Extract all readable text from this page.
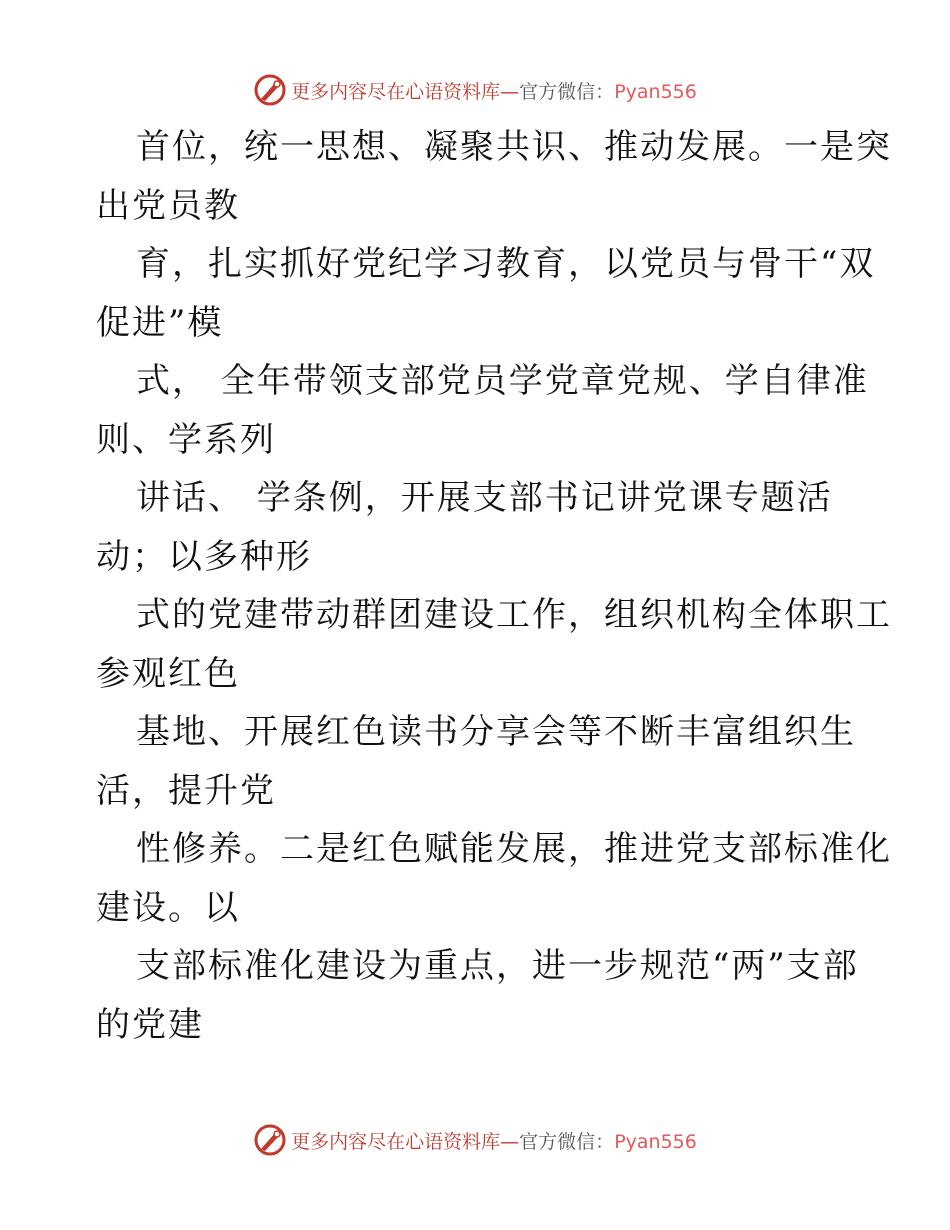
更多内容尽在心语资料库—官方微信：Pyan556
首位，统一思想、凝聚共识、推动发展。一是突
出党员教
育，扎实抓好党纪学习教育，以党员与骨干“双
促进”模
式， 全年带领支部党员学党章党规、学自律准
则、学系列
讲话、 学条例，开展支部书记讲党课专题活
动；以多种形
式的党建带动群团建设工作，组织机构全体职工
参观红色
基地、开展红色读书分享会等不断丰富组织生
活，提升党
性修养。二是红色赋能发展，推进党支部标准化
建设。以
支部标准化建设为重点，进一步规范“两”支部
的党建
更多内容尽在心语资料库—官方微信：Pyan556
